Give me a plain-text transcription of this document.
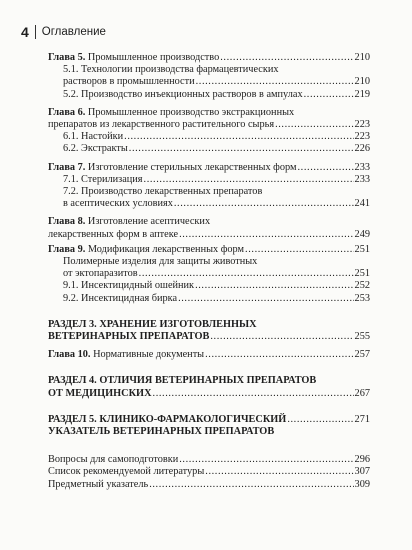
4 Оглавление
Глава 5. Промышленное производство .....	210
5.1. Технологии производства фармацевтических
растворов в промышленности .....	210
5.2. Производство инъекционных растворов в ампулах .....	219
Глава 6. Промышленное производство экстракционных
препаратов из лекарственного растительного сырья .....	223
6.1. Настойки .....	223
6.2. Экстракты .....	226
Глава 7. Изготовление стерильных лекарственных форм .....	233
7.1. Стерилизация .....	233
7.2. Производство лекарственных препаратов
в асептических условиях .....	241
Глава 8. Изготовление асептических
лекарственных форм в аптеке .....	249
Глава 9. Модификация лекарственных форм .....	251
Полимерные изделия для защиты животных
от эктопаразитов .....	251
9.1. Инсектицидный ошейник .....	252
9.2. Инсектицидная бирка .....	253
РАЗДЕЛ 3. ХРАНЕНИЕ ИЗГОТОВЛЕННЫХ
ВЕТЕРИНАРНЫХ ПРЕПАРАТОВ .....	255
Глава 10. Нормативные документы .....	257
РАЗДЕЛ 4. ОТЛИЧИЯ ВЕТЕРИНАРНЫХ ПРЕПАРАТОВ
ОТ МЕДИЦИНСКИХ .....	267
РАЗДЕЛ 5. КЛИНИКО-ФАРМАКОЛОГИЧЕСКИЙ .....	271
УКАЗАТЕЛЬ ВЕТЕРИНАРНЫХ ПРЕПАРАТОВ
Вопросы для самоподготовки .....	296
Список рекомендуемой литературы .....	307
Предметный указатель .....	309
